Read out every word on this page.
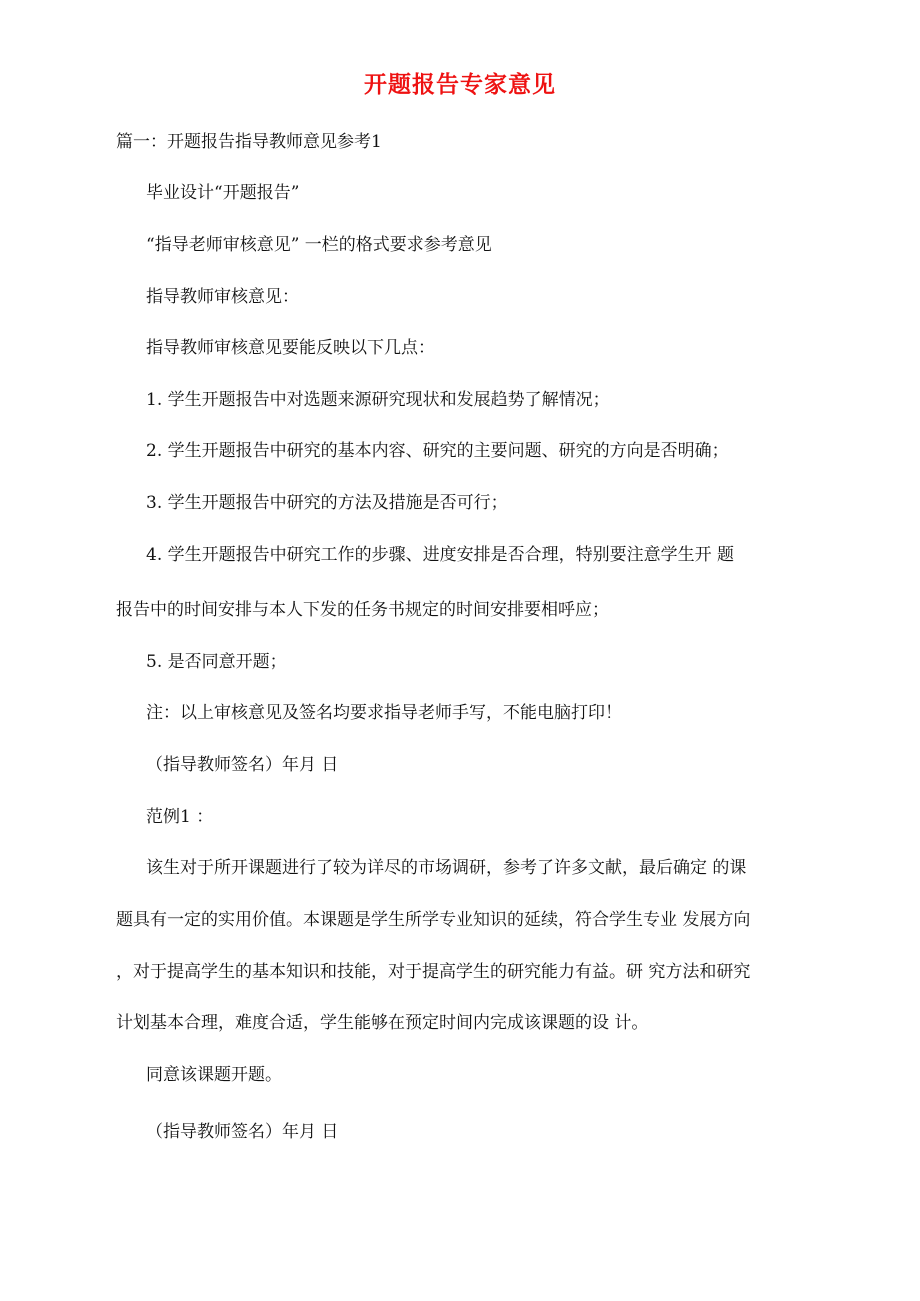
开题报告专家意见
篇一：开题报告指导教师意见参考1
毕业设计“开题报告”
“指导老师审核意见” 一栏的格式要求参考意见
指导教师审核意见：
指导教师审核意见要能反映以下几点：
1. 学生开题报告中对选题来源研究现状和发展趋势了解情况；
2. 学生开题报告中研究的基本内容、研究的主要问题、研究的方向是否明确；
3. 学生开题报告中研究的方法及措施是否可行；
4. 学生开题报告中研究工作的步骤、进度安排是否合理，特别要注意学生开 题
报告中的时间安排与本人下发的任务书规定的时间安排要相呼应；
5. 是否同意开题；
注：以上审核意见及签名均要求指导老师手写，不能电脑打印！
（指导教师签名）年月 日
范例1 ：
该生对于所开课题进行了较为详尽的市场调研，参考了许多文献，最后确定 的课
题具有一定的实用价值。本课题是学生所学专业知识的延续，符合学生专业 发展方向
，对于提高学生的基本知识和技能，对于提高学生的研究能力有益。研 究方法和研究
计划基本合理，难度合适，学生能够在预定时间内完成该课题的设 计。
同意该课题开题。
（指导教师签名）年月 日
